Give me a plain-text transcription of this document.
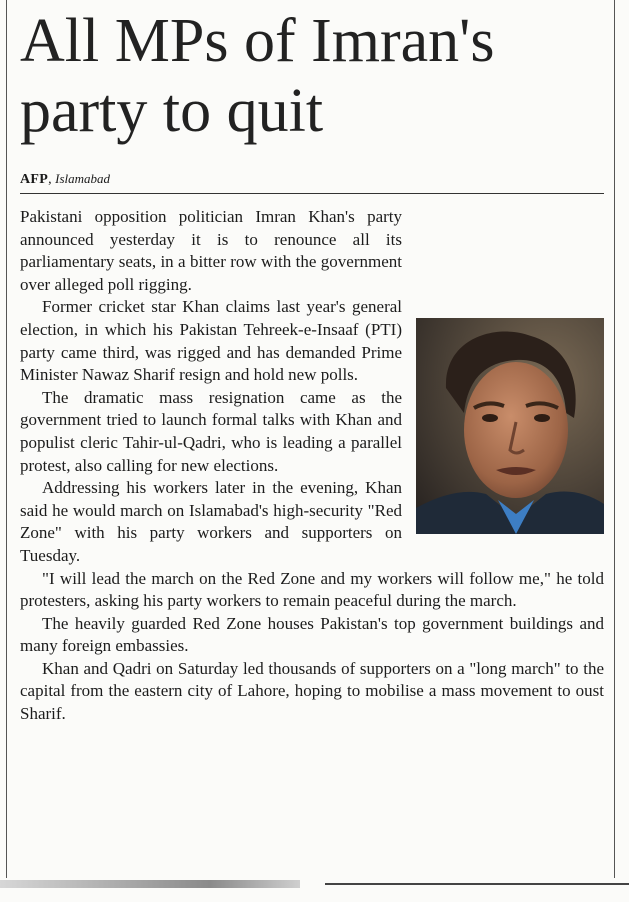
All MPs of Imran's party to quit
AFP, Islamabad

Pakistani opposition politician Imran Khan's party announced yesterday it is to renounce all its parliamentary seats, in a bitter row with the government over alleged poll rigging.

Former cricket star Khan claims last year's general election, in which his Pakistan Tehreek-e-Insaaf (PTI) party came third, was rigged and has demanded Prime Minister Nawaz Sharif resign and hold new polls.

The dramatic mass resignation came as the government tried to launch formal talks with Khan and populist cleric Tahir-ul-Qadri, who is leading a parallel protest, also calling for new elections.

Addressing his workers later in the evening, Khan said he would march on Islamabad's high-security "Red Zone" with his party workers and supporters on Tuesday.

"I will lead the march on the Red Zone and my workers will follow me," he told protesters, asking his party workers to remain peaceful during the march.

The heavily guarded Red Zone houses Pakistan's top government buildings and many foreign embassies.

Khan and Qadri on Saturday led thousands of supporters on a "long march" to the capital from the eastern city of Lahore, hoping to mobilise a mass movement to oust Sharif.
